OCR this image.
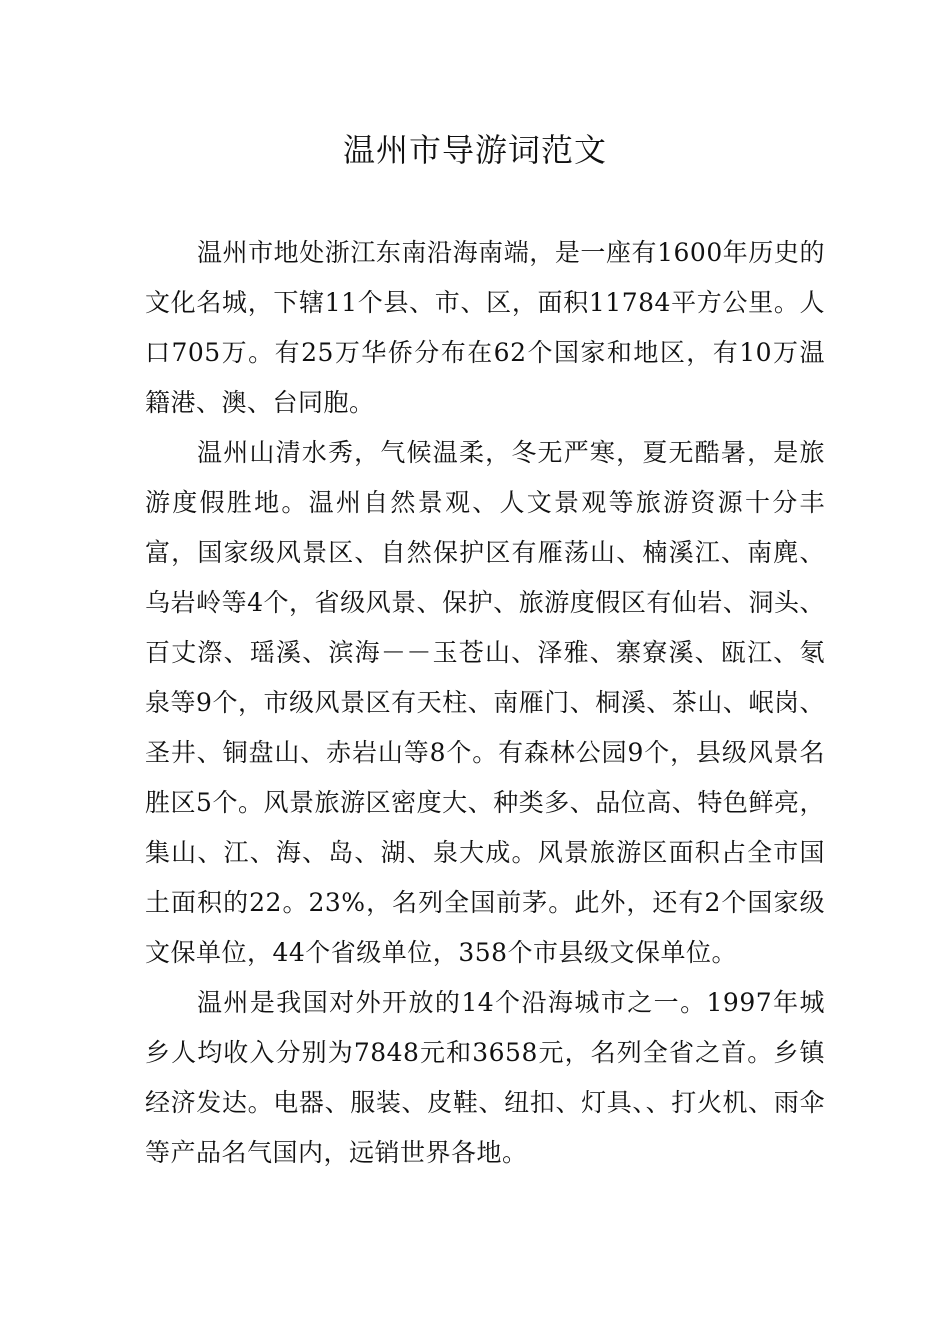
温州市导游词范文

温州市地处浙江东南沿海南端，是一座有1600年历史的文化名城，下辖11个县、市、区，面积11784平方公里。人口705万。有25万华侨分布在62个国家和地区，有10万温籍港、澳、台同胞。

温州山清水秀，气候温柔，冬无严寒，夏无酷暑，是旅游度假胜地。温州自然景观、人文景观等旅游资源十分丰富，国家级风景区、自然保护区有雁荡山、楠溪江、南麂、乌岩岭等4个，省级风景、保护、旅游度假区有仙岩、洞头、百丈漈、瑶溪、滨海－－玉苍山、泽雅、寨寮溪、瓯江、氡泉等9个，市级风景区有天柱、南雁门、桐溪、茶山、岷岗、圣井、铜盘山、赤岩山等8个。有森林公园9个，县级风景名胜区5个。风景旅游区密度大、种类多、品位高、特色鲜亮，集山、江、海、岛、湖、泉大成。风景旅游区面积占全市国土面积的22。23%，名列全国前茅。此外，还有2个国家级文保单位，44个省级单位，358个市县级文保单位。

温州是我国对外开放的14个沿海城市之一。1997年城乡人均收入分别为7848元和3658元，名列全省之首。乡镇经济发达。电器、服装、皮鞋、纽扣、灯具、、打火机、雨伞等产品名气国内，远销世界各地。
